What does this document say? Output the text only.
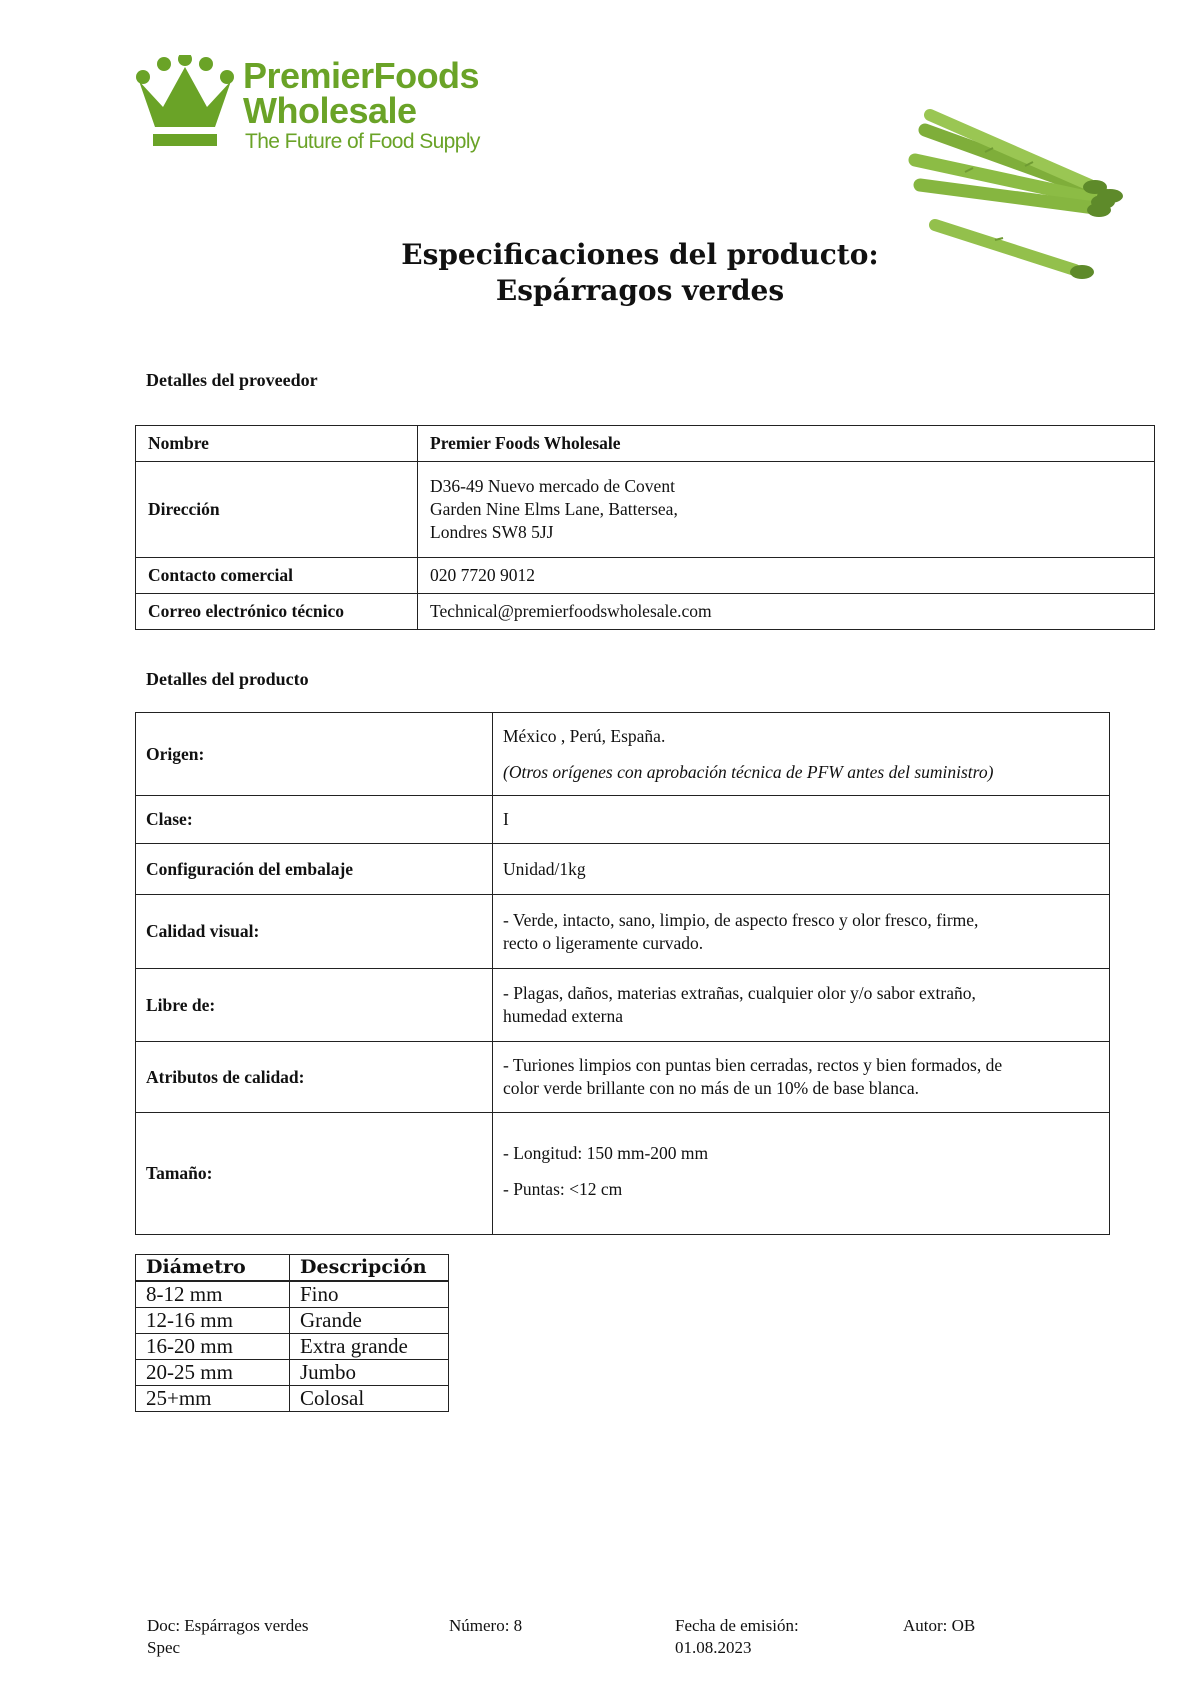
PremierFoods
Wholesale
The Future of Food Supply
Especificaciones del producto:
Espárragos verdes
Detalles del proveedor
Nombre	Premier Foods Wholesale
Dirección	D36-49 Nuevo mercado de Covent
Garden Nine Elms Lane, Battersea,
Londres SW8 5JJ

Contacto comercial	020 7720 9012
Correo electrónico técnico	Technical@premierfoodswholesale.com
Detalles del producto
Origen:	México , Perú, España.
(Otros orígenes con aprobación técnica de PFW antes del suministro)

Clase:	I
Configuración del embalaje	Unidad/1kg
Calidad visual:	- Verde, intacto, sano, limpio, de aspecto fresco y olor fresco, firme,
recto o ligeramente curvado.

Libre de:	- Plagas, daños, materias extrañas, cualquier olor y/o sabor extraño,
humedad externa

Atributos de calidad:	- Turiones limpios con puntas bien cerradas, rectos y bien formados, de
color verde brillante con no más de un 10% de base blanca.

Tamaño:	- Longitud: 150 mm-200 mm
- Puntas: <12 cm
Diámetro	Descripción
8-12 mm	Fino
12-16 mm	Grande
16-20 mm	Extra grande
20-25 mm	Jumbo
25+mm	Colosal
Doc: Espárragos verdes
Spec
Número: 8	Fecha de emisión:
01.08.2023
Autor: OB
